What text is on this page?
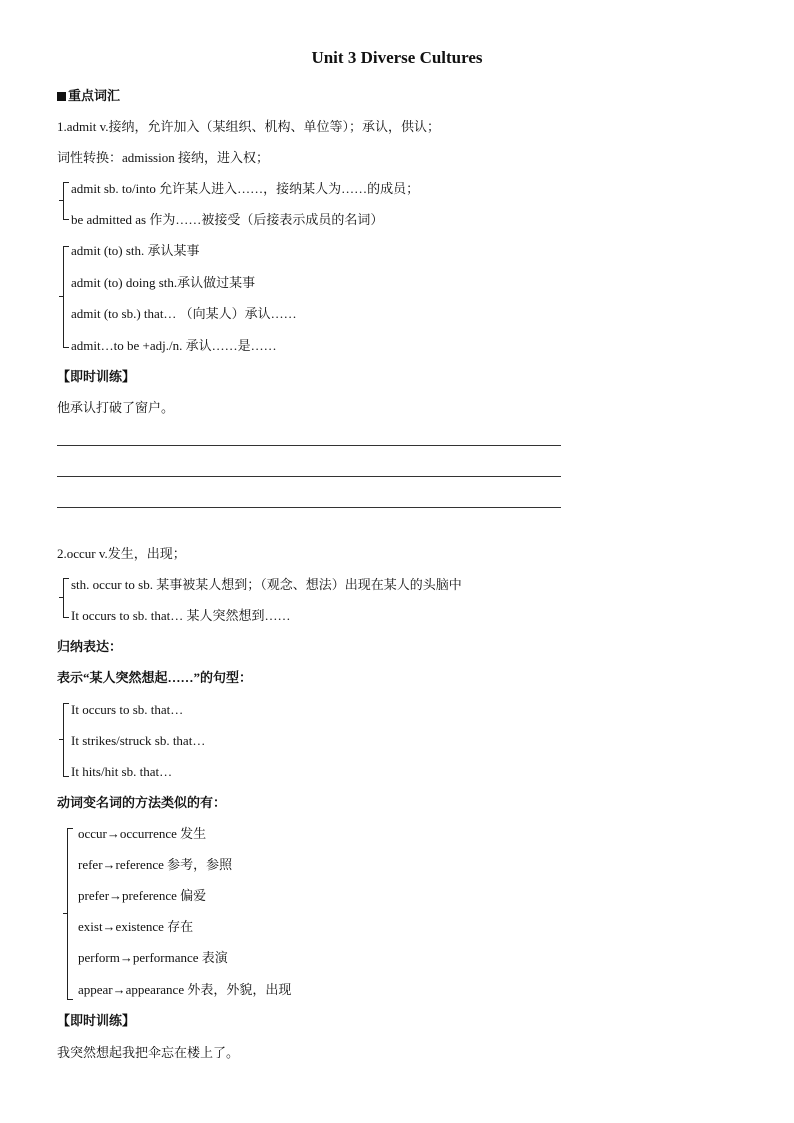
Unit 3 Diverse Cultures
重点词汇
1.admit v.接纳，允许加入（某组织、机构、单位等）；承认，供认；
词性转换：admission 接纳，进入权；
admit sb. to/into 允许某人进入……，接纳某人为……的成员；
be admitted as 作为……被接受（后接表示成员的名词）
admit (to) sth. 承认某事
admit (to) doing sth.承认做过某事
admit (to sb.) that… （向某人）承认……
admit…to be +adj./n. 承认……是……
【即时训练】
他承认打破了窗户。
2.occur v.发生，出现；
sth. occur to sb. 某事被某人想到；（观念、想法）出现在某人的头脑中
It occurs to sb. that… 某人突然想到……
归纳表达：
表示“某人突然想起……”的句型：
It occurs to sb. that…
It strikes/struck sb. that…
It hits/hit sb. that…
动词变名词的方法类似的有：
occur→occurrence 发生
refer→reference 参考，参照
prefer→preference 偏爱
exist→existence 存在
perform→performance 表演
appear→appearance 外表，外貌，出现
【即时训练】
我突然想起我把伞忘在楼上了。
